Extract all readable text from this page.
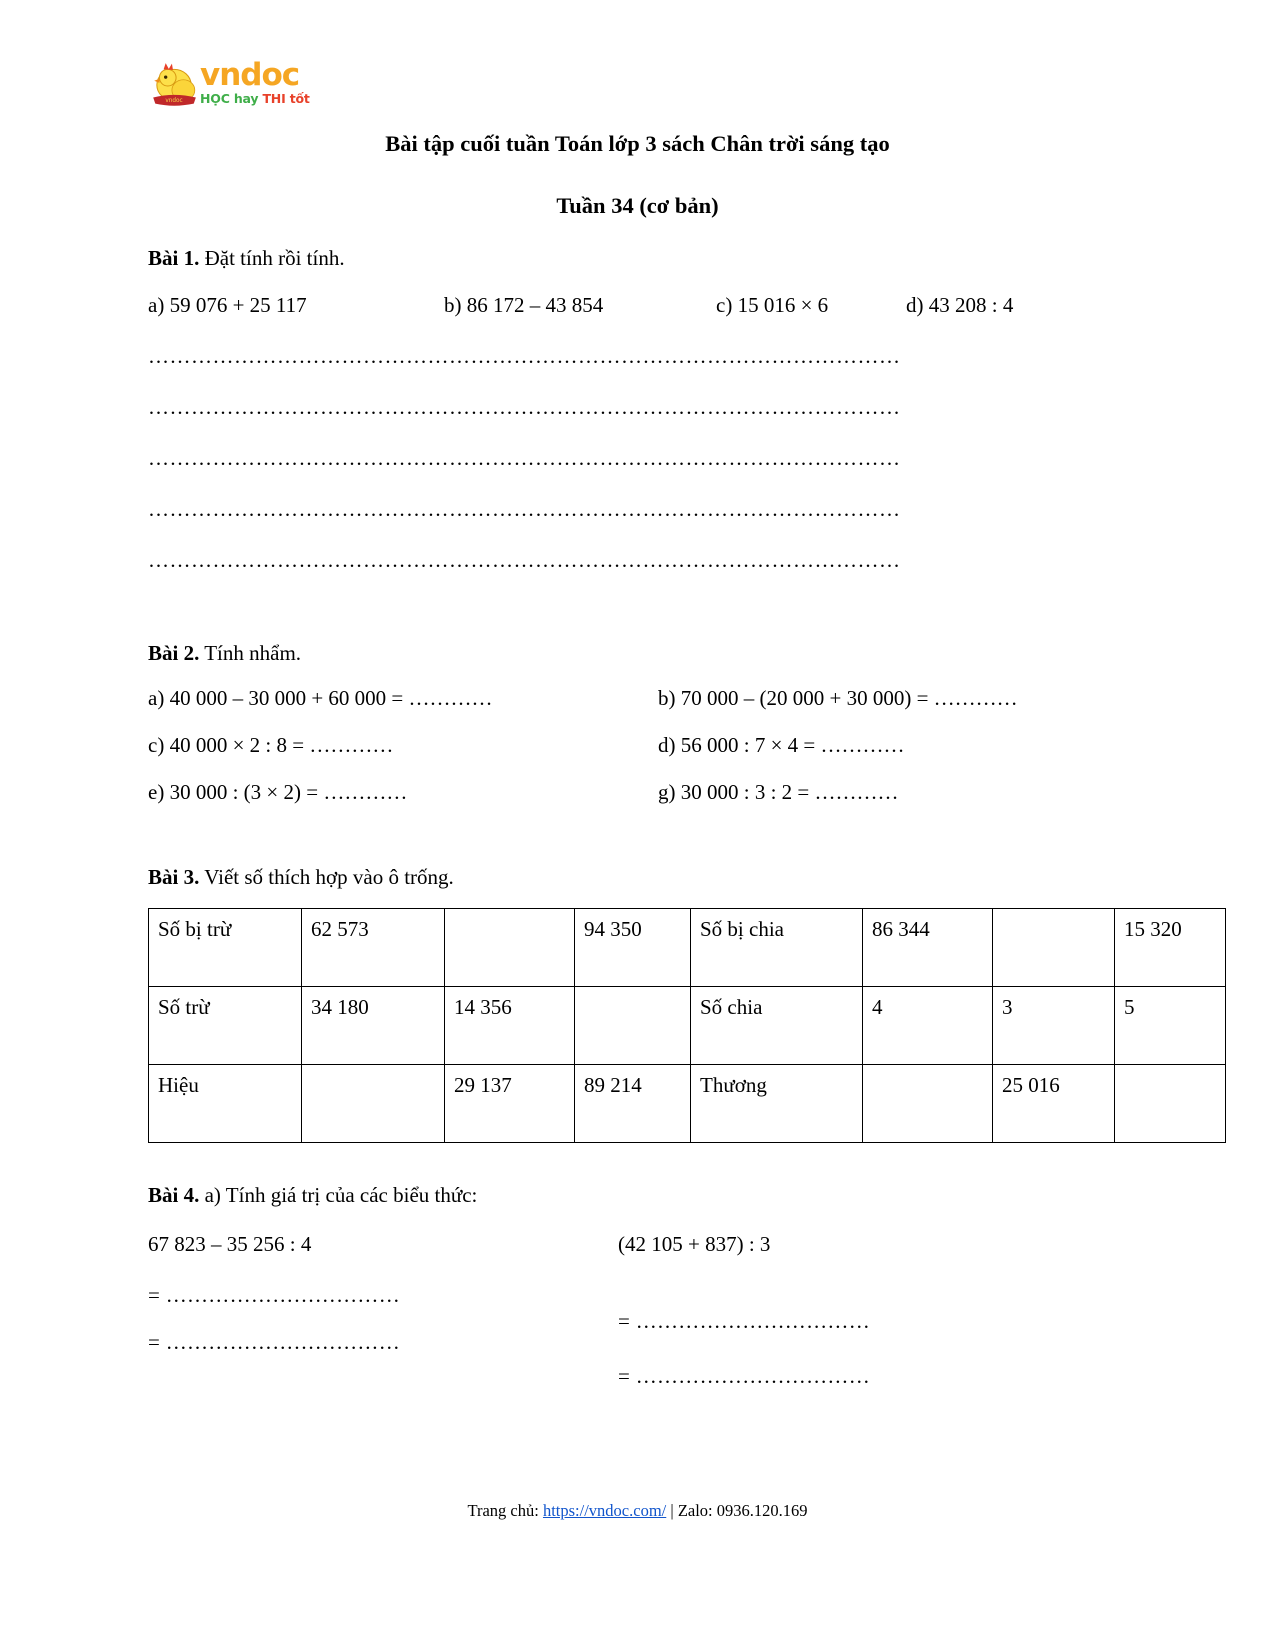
vndoc
vndoc
HỌC hay THI tốt
Bài tập cuối tuần Toán lớp 3 sách Chân trời sáng tạo
Tuần 34 (cơ bản)
Bài 1. Đặt tính rồi tính.
a) 59 076 + 25 117	b) 86 172 – 43 854	c) 15 016 × 6	d) 43 208 : 4
……………………………………………………………………………………………
……………………………………………………………………………………………
……………………………………………………………………………………………
……………………………………………………………………………………………
……………………………………………………………………………………………
Bài 2. Tính nhẩm.
a) 40 000 – 30 000 + 60 000 = …………	b) 70 000 – (20 000 + 30 000) = …………
c) 40 000 × 2 : 8 = …………	d) 56 000 : 7 × 4 = …………
e) 30 000 : (3 × 2) = …………	g) 30 000 : 3 : 2 = …………
Bài 3. Viết số thích hợp vào ô trống.
Số bị trừ	62 573		94 350	Số bị chia	86 344		15 320
Số trừ	34 180	14 356		Số chia	4	3	5
Hiệu		29 137	89 214	Thương		25 016	
Bài 4. a) Tính giá trị của các biểu thức:
67 823 – 35 256 : 4
= ……………………………
= ……………………………
(42 105 + 837) : 3
= ……………………………
= ……………………………
Trang chủ: https://vndoc.com/ | Zalo: 0936.120.169
